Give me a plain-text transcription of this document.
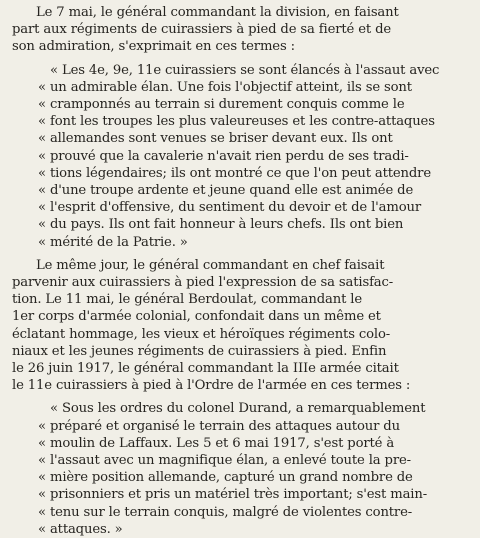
Le 7 mai, le général commandant la division, en faisant
part aux régiments de cuirassiers à pied de sa fierté et de
son admiration, s'exprimait en ces termes :
« Les 4e, 9e, 11e cuirassiers se sont élancés à l'assaut avec
« un admirable élan. Une fois l'objectif atteint, ils se sont
« cramponnés au terrain si durement conquis comme le
« font les troupes les plus valeureuses et les contre-attaques
« allemandes sont venues se briser devant eux. Ils ont
« prouvé que la cavalerie n'avait rien perdu de ses tradi-
« tions légendaires; ils ont montré ce que l'on peut attendre
« d'une troupe ardente et jeune quand elle est animée de
« l'esprit d'offensive, du sentiment du devoir et de l'amour
« du pays. Ils ont fait honneur à leurs chefs. Ils ont bien
« mérité de la Patrie. »
Le même jour, le général commandant en chef faisait
parvenir aux cuirassiers à pied l'expression de sa satisfac-
tion. Le 11 mai, le général Berdoulat, commandant le
1er corps d'armée colonial, confondait dans un même et
éclatant hommage, les vieux et héroïques régiments colo-
niaux et les jeunes régiments de cuirassiers à pied. Enfin
le 26 juin 1917, le général commandant la IIIe armée citait
le 11e cuirassiers à pied à l'Ordre de l'armée en ces termes :
« Sous les ordres du colonel Durand, a remarquablement
« préparé et organisé le terrain des attaques autour du
« moulin de Laffaux. Les 5 et 6 mai 1917, s'est porté à
« l'assaut avec un magnifique élan, a enlevé toute la pre-
« mière position allemande, capturé un grand nombre de
« prisonniers et pris un matériel très important; s'est main-
« tenu sur le terrain conquis, malgré de violentes contre-
« attaques. »
